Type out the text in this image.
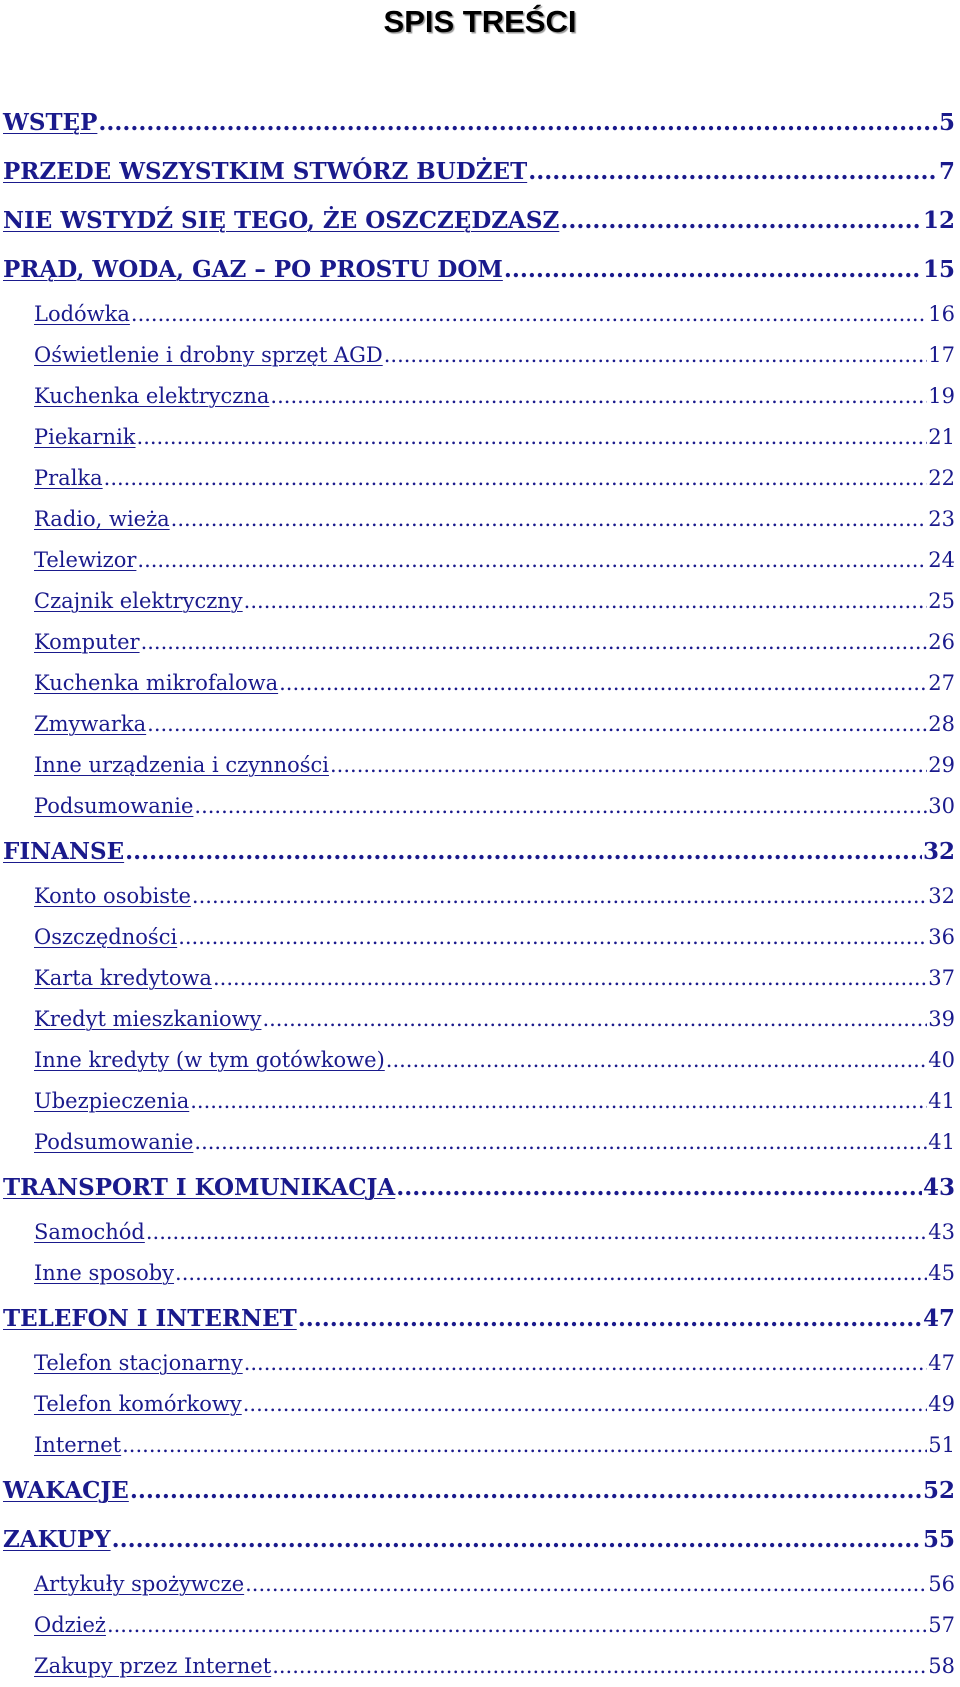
SPIS TREŚCI
WSTĘP .....	5
PRZEDE WSZYSTKIM STWÓRZ BUDŻET .....	7
NIE WSTYDŹ SIĘ TEGO, ŻE OSZCZĘDZASZ .....	12
PRĄD, WODA, GAZ – PO PROSTU DOM .....	15
Lodówka .....	16
Oświetlenie i drobny sprzęt AGD .....	17
Kuchenka elektryczna .....	19
Piekarnik .....	21
Pralka .....	22
Radio, wieża .....	23
Telewizor .....	24
Czajnik elektryczny .....	25
Komputer .....	26
Kuchenka mikrofalowa .....	27
Zmywarka .....	28
Inne urządzenia i czynności .....	29
Podsumowanie .....	30
FINANSE .....	32
Konto osobiste .....	32
Oszczędności .....	36
Karta kredytowa .....	37
Kredyt mieszkaniowy .....	39
Inne kredyty (w tym gotówkowe) .....	40
Ubezpieczenia .....	41
Podsumowanie .....	41
TRANSPORT I KOMUNIKACJA .....	43
Samochód .....	43
Inne sposoby .....	45
TELEFON I INTERNET .....	47
Telefon stacjonarny .....	47
Telefon komórkowy .....	49
Internet .....	51
WAKACJE .....	52
ZAKUPY .....	55
Artykuły spożywcze .....	56
Odzież .....	57
Zakupy przez Internet .....	58
